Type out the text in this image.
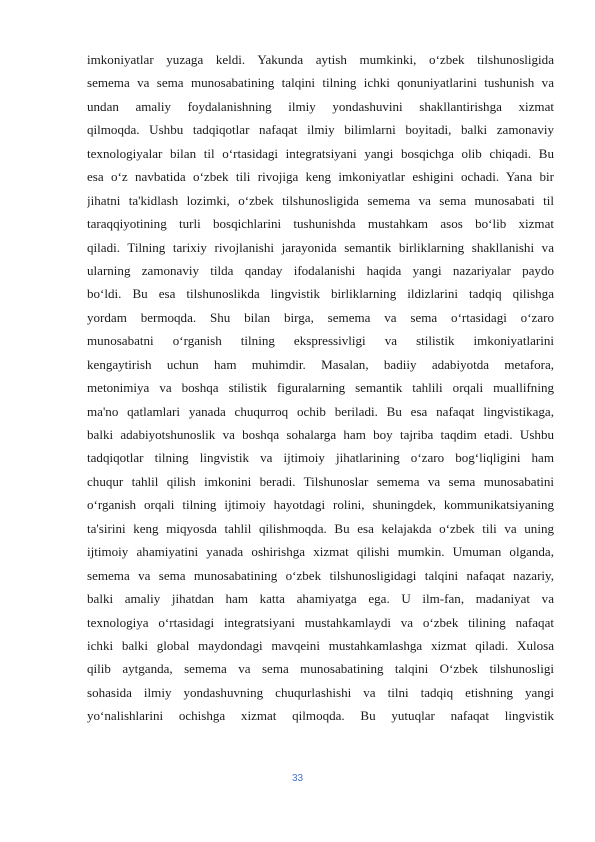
imkoniyatlar yuzaga keldi. Yakunda aytish mumkinki, o‘zbek tilshunosligida
semema va sema munosabatining talqini tilning ichki qonuniyatlarini tushunish va
undan amaliy foydalanishning ilmiy yondashuvini shakllantirishga xizmat
qilmoqda. Ushbu tadqiqotlar nafaqat ilmiy bilimlarni boyitadi, balki zamonaviy
texnologiyalar bilan til o‘rtasidagi integratsiyani yangi bosqichga olib chiqadi. Bu
esa o‘z navbatida o‘zbek tili rivojiga keng imkoniyatlar eshigini ochadi. Yana bir
jihatni ta'kidlash lozimki, o‘zbek tilshunosligida semema va sema munosabati til
taraqqiyotining turli bosqichlarini tushunishda mustahkam asos bo‘lib xizmat
qiladi. Tilning tarixiy rivojlanishi jarayonida semantik birliklarning shakllanishi va
ularning zamonaviy tilda qanday ifodalanishi haqida yangi nazariyalar paydo
bo‘ldi. Bu esa tilshunoslikda lingvistik birliklarning ildizlarini tadqiq qilishga
yordam bermoqda. Shu bilan birga, semema va sema o‘rtasidagi o‘zaro
munosabatni o‘rganish tilning ekspressivligi va stilistik imkoniyatlarini
kengaytirish uchun ham muhimdir. Masalan, badiiy adabiyotda metafora,
metonimiya va boshqa stilistik figuralarning semantik tahlili orqali muallifning
ma'no qatlamlari yanada chuqurroq ochib beriladi. Bu esa nafaqat lingvistikaga,
balki adabiyotshunoslik va boshqa sohalarga ham boy tajriba taqdim etadi. Ushbu
tadqiqotlar tilning lingvistik va ijtimoiy jihatlarining o‘zaro bog‘liqligini ham
chuqur tahlil qilish imkonini beradi. Tilshunoslar semema va sema munosabatini
o‘rganish orqali tilning ijtimoiy hayotdagi rolini, shuningdek, kommunikatsiyaning
ta'sirini keng miqyosda tahlil qilishmoqda. Bu esa kelajakda o‘zbek tili va uning
ijtimoiy ahamiyatini yanada oshirishga xizmat qilishi mumkin. Umuman olganda,
semema va sema munosabatining o‘zbek tilshunosligidagi talqini nafaqat nazariy,
balki amaliy jihatdan ham katta ahamiyatga ega. U ilm-fan, madaniyat va
texnologiya o‘rtasidagi integratsiyani mustahkamlaydi va o‘zbek tilining nafaqat
ichki balki global maydondagi mavqeini mustahkamlashga xizmat qiladi. Xulosa
qilib aytganda, semema va sema munosabatining talqini O‘zbek tilshunosligi
sohasida ilmiy yondashuvning chuqurlashishi va tilni tadqiq etishning yangi
yo‘nalishlarini ochishga xizmat qilmoqda. Bu yutuqlar nafaqat lingvistik
33
